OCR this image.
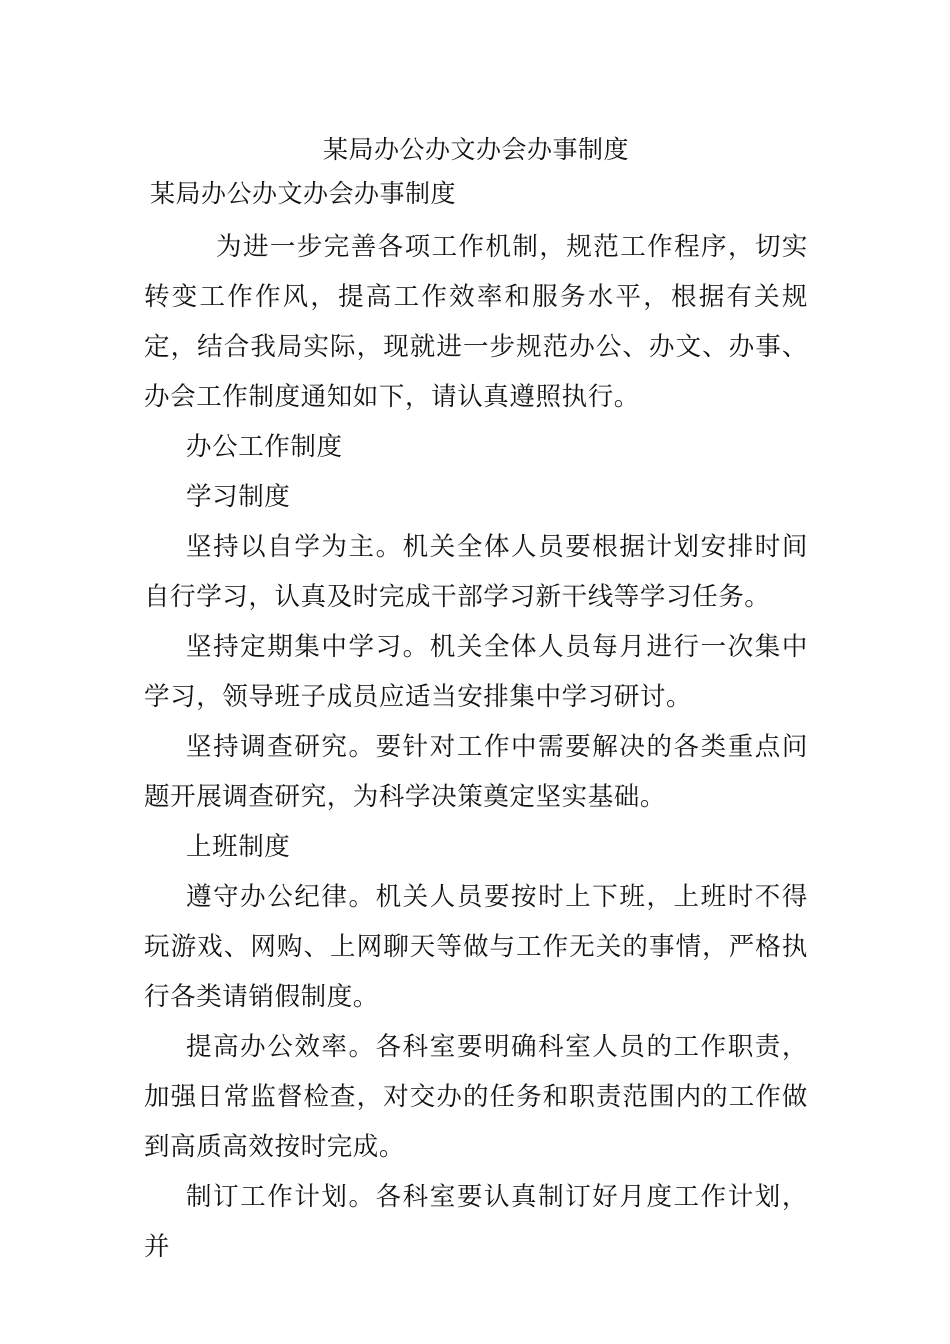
某局办公办文办会办事制度
某局办公办文办会办事制度

为进一步完善各项工作机制，规范工作程序，切实转变工作作风，提高工作效率和服务水平，根据有关规定，结合我局实际，现就进一步规范办公、办文、办事、办会工作制度通知如下，请认真遵照执行。

办公工作制度

学习制度

坚持以自学为主。机关全体人员要根据计划安排时间自行学习，认真及时完成干部学习新干线等学习任务。

坚持定期集中学习。机关全体人员每月进行一次集中学习，领导班子成员应适当安排集中学习研讨。

坚持调查研究。要针对工作中需要解决的各类重点问题开展调查研究，为科学决策奠定坚实基础。

上班制度

遵守办公纪律。机关人员要按时上下班，上班时不得玩游戏、网购、上网聊天等做与工作无关的事情，严格执行各类请销假制度。

提高办公效率。各科室要明确科室人员的工作职责，加强日常监督检查，对交办的任务和职责范围内的工作做到高质高效按时完成。

制订工作计划。各科室要认真制订好月度工作计划，并
